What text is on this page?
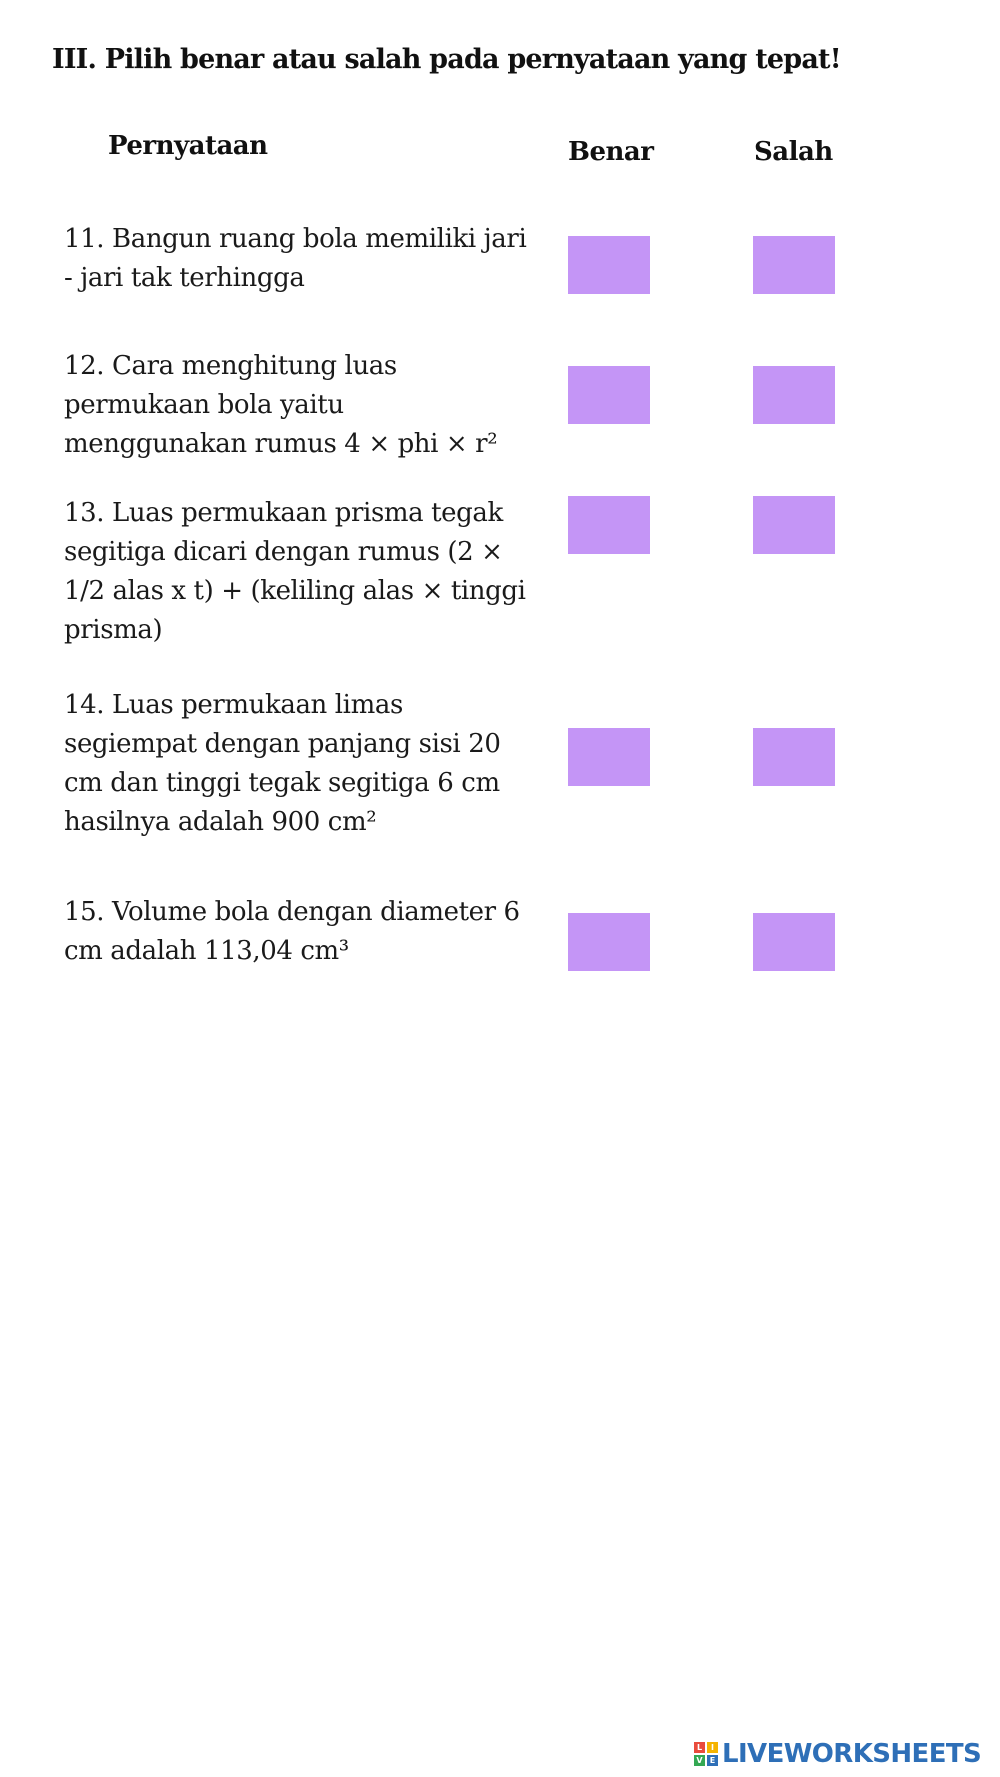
III. Pilih benar atau salah pada pernyataan yang tepat!
Pernyataan	Benar	Salah
11. Bangun ruang bola memiliki jari - jari tak terhingga
12. Cara menghitung luas permukaan bola yaitu menggunakan rumus 4 × phi × r²
13. Luas permukaan prisma tegak segitiga dicari dengan rumus (2 × 1/2 alas x t) + (keliling alas × tinggi prisma)
14. Luas permukaan limas segiempat dengan panjang sisi 20 cm dan tinggi tegak segitiga 6 cm hasilnya adalah 900 cm²
15. Volume bola dengan diameter 6 cm adalah 113,04 cm³
L	I
V E LIVEWORKSHEETS
